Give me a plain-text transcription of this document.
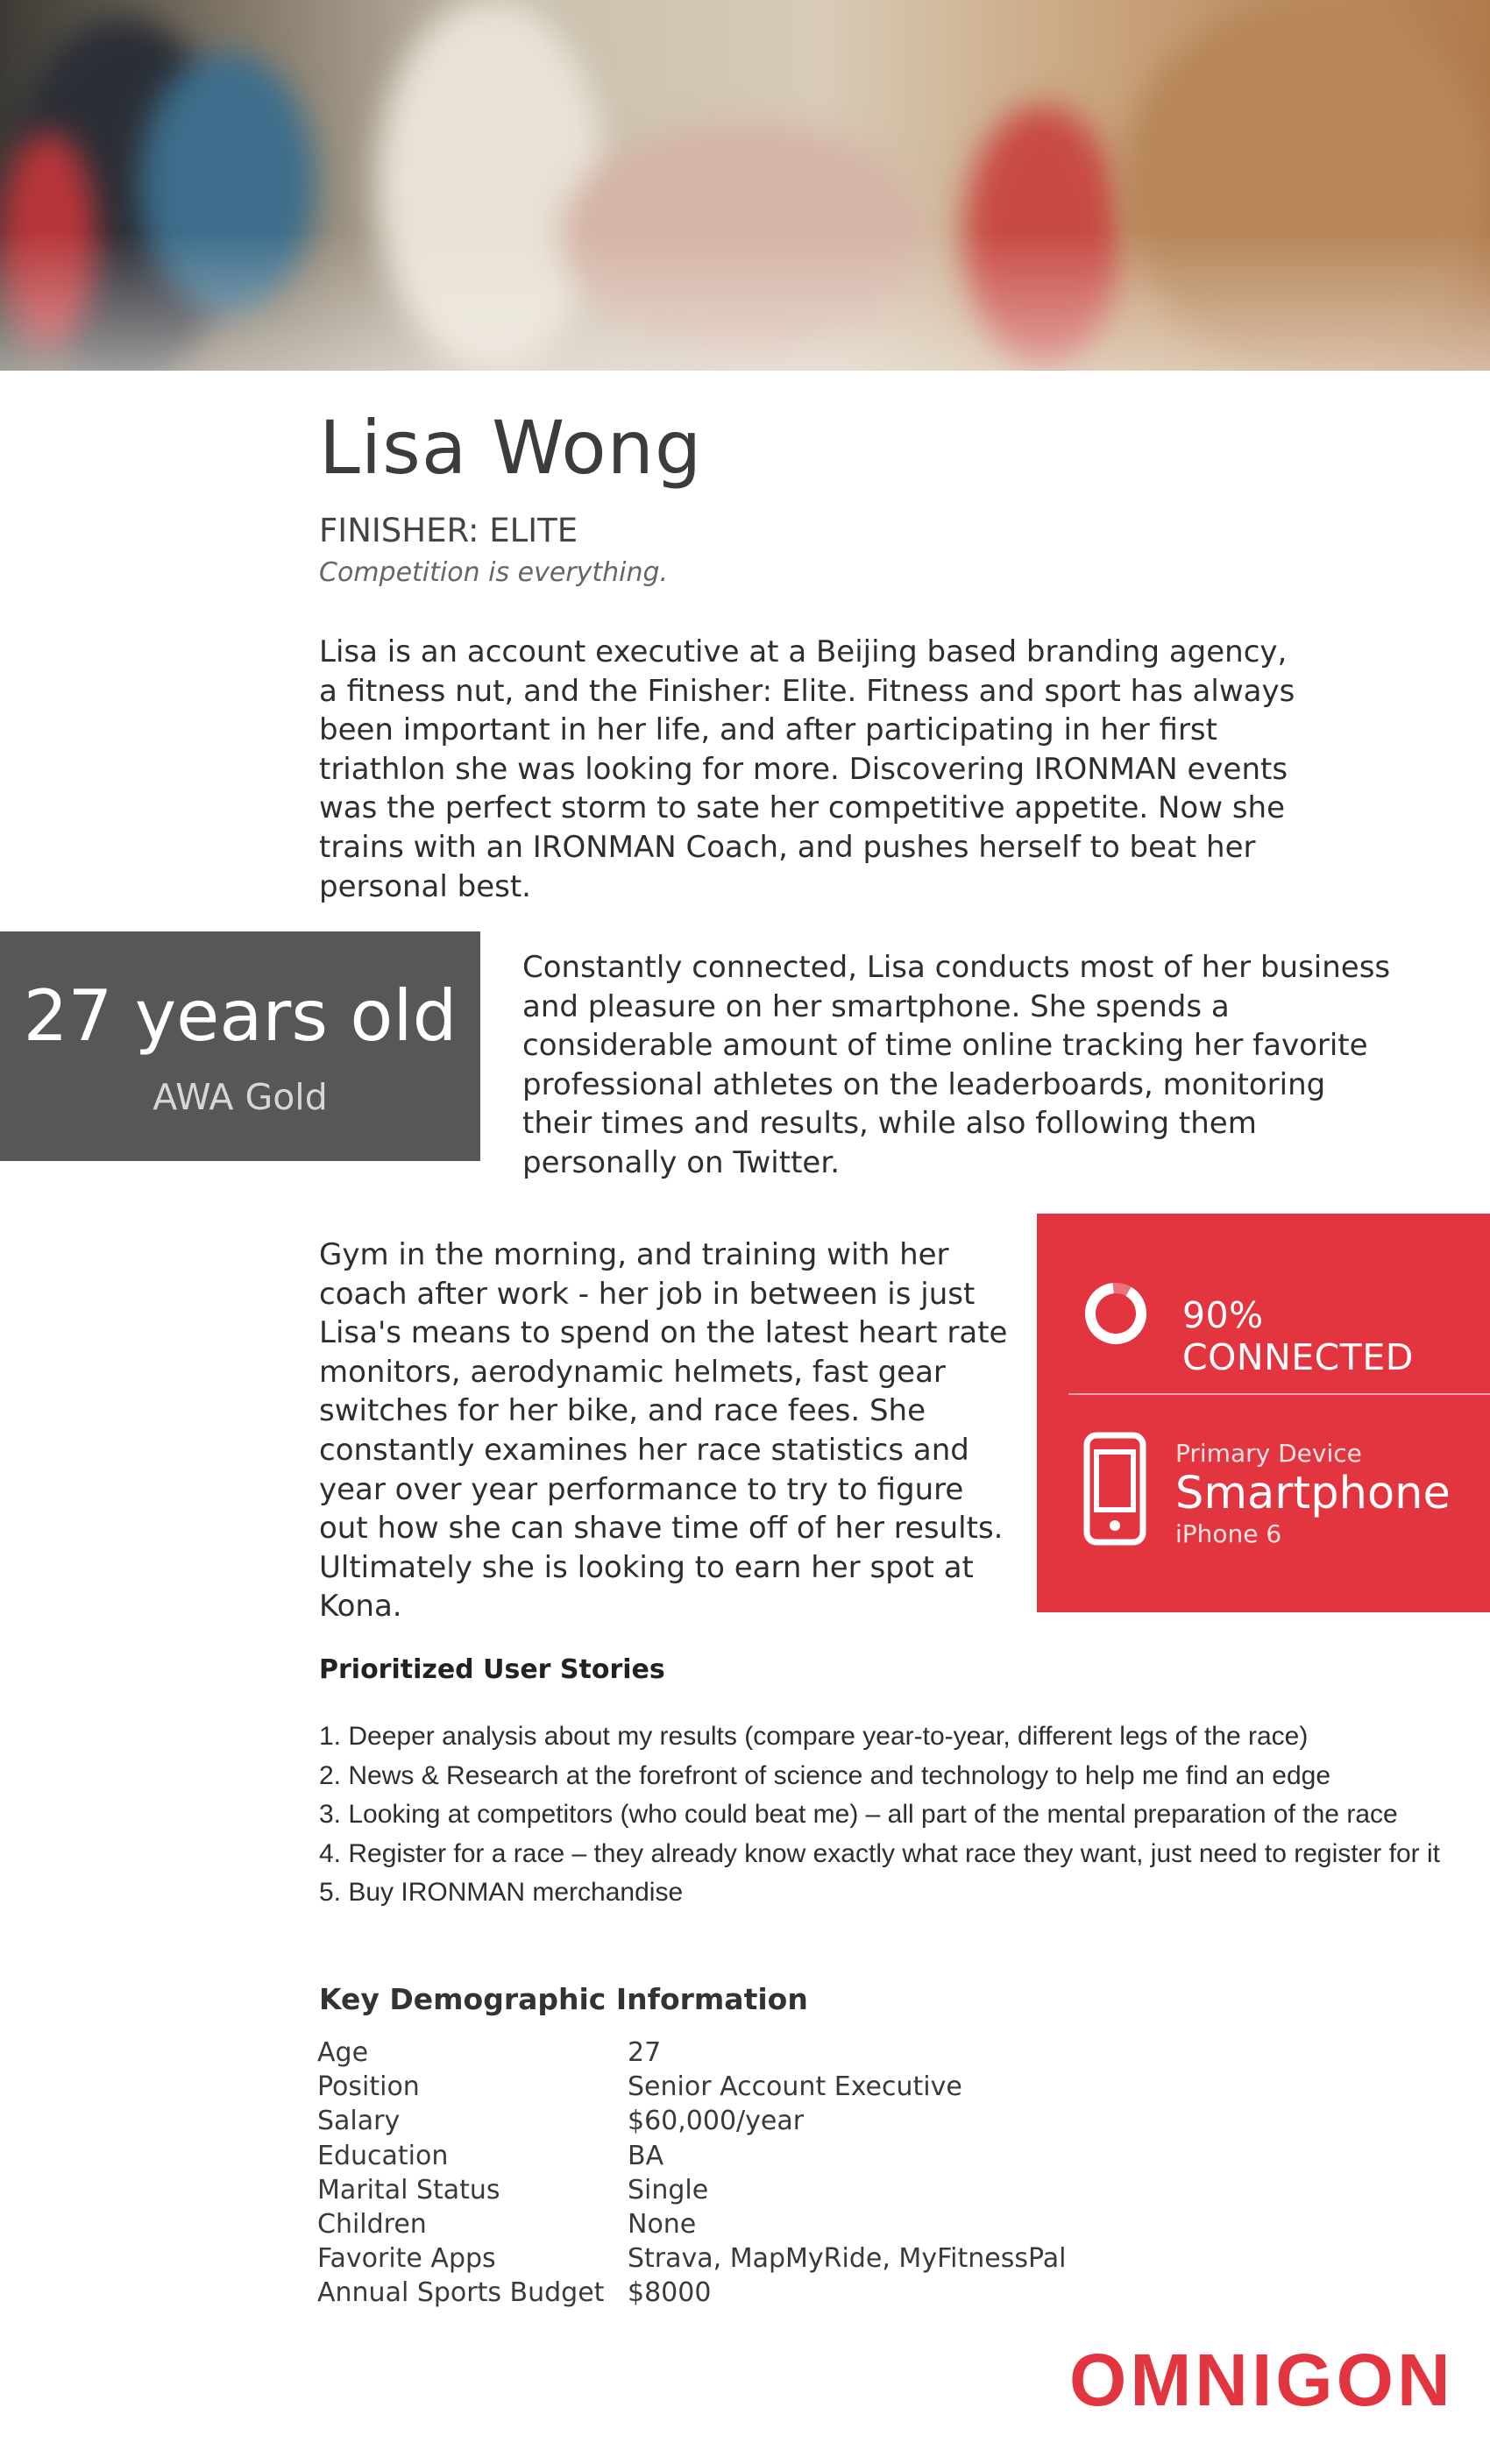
Lisa Wong
FINISHER: ELITE
Competition is everything.

Lisa is an account executive at a Beijing based branding agency, a fitness nut, and the Finisher: Elite. Fitness and sport has always been important in her life, and after participating in her first triathlon she was looking for more. Discovering IRONMAN events was the perfect storm to sate her competitive appetite. Now she trains with an IRONMAN Coach, and pushes herself to beat her personal best.

27 years old
AWA Gold

Constantly connected, Lisa conducts most of her business and pleasure on her smartphone. She spends a considerable amount of time online tracking her favorite professional athletes on the leaderboards, monitoring their times and results, while also following them personally on Twitter.

Gym in the morning, and training with her coach after work - her job in between is just Lisa's means to spend on the latest heart rate monitors, aerodynamic helmets, fast gear switches for her bike, and race fees. She constantly examines her race statistics and year over year performance to try to figure out how she can shave time off of her results. Ultimately she is looking to earn her spot at Kona.

90% CONNECTED
Primary Device
Smartphone
iPhone 6
Prioritized User Stories
1. Deeper analysis about my results (compare year-to-year, different legs of the race)
2. News & Research at the forefront of science and technology to help me find an edge
3. Looking at competitors (who could beat me) – all part of the mental preparation of the race
4. Register for a race – they already know exactly what race they want, just need to register for it
5. Buy IRONMAN merchandise
Key Demographic Information
Age	27
Position	Senior Account Executive
Salary	$60,000/year
Education	BA
Marital Status	Single
Children	None
Favorite Apps	Strava, MapMyRide, MyFitnessPal
Annual Sports Budget	$8000
OMNIGON
